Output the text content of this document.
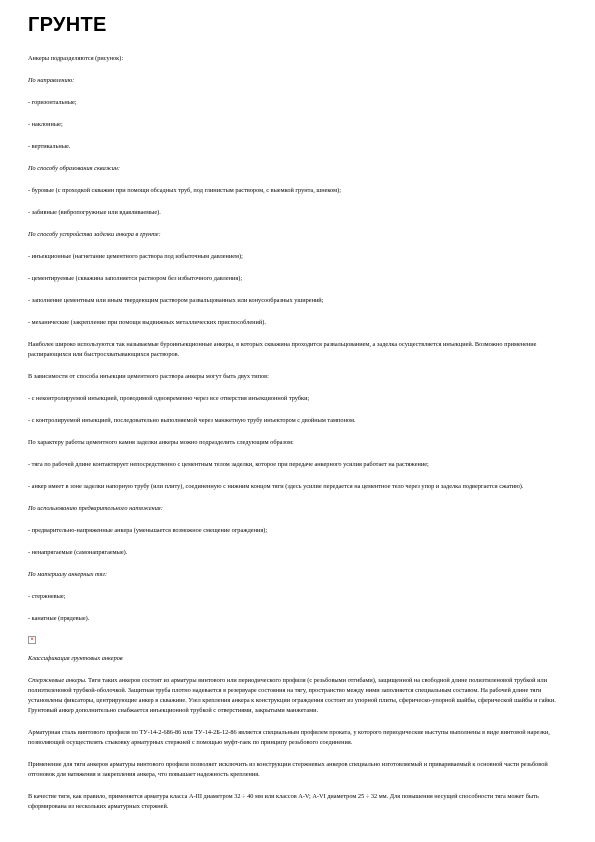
ГРУНТЕ

Анкеры подразделяются (рисунок):

По направлению:

- горизонтальные;

- наклонные;

- вертикальные.

По способу образования скважин:

- буровые (с проходкой скважин при помощи обсадных труб, под глинистым раствором, с выемкой грунта, шнеком);

- забивные (вибропогружные или вдавливаемые).

По способу устройства заделки анкера в грунте:

- инъекционные (нагнетание цементного раствора под избыточным давлением);

- цементируемые (скважина заполняется раствором без избыточного давления);

- заполнение цементным или иным твердеющим раствором развальцованных или конусообразных уширений;

- механические (закрепление при помощи выдвижных металлических приспособлений).

Наиболее широко используются так называемые буроинъекционные анкеры, в которых скважина проходится развальцованием, а заделка осуществляется инъекцией. Возможно применение распирающихся или быстросхватывающихся растворов.

В зависимости от способа инъекции цементного раствора анкеры могут быть двух типов:

- с неконтролируемой инъекцией, проводимой одновременно через все отверстия инъекционной трубки;

- с контролируемой инъекцией, последовательно выполняемой через манжетную трубу инъектором с двойным тампоном.

По характеру работы цементного камня заделки анкеры можно подразделить следующим образом:

- тяга по рабочей длине контактирует непосредственно с цементным телом заделки, которое при передаче анкерного усилия работает на растяжение;

- анкер имеет в зоне заделки напорную трубу (или плиту), соединенную с нижним концом тяги (здесь усилие передается на цементное тело через упор и заделка подвергается сжатию).

По использованию предварительного натяжения:

- предварительно-напряженные анкера (уменьшается возможное смещение ограждения);

- ненапрягаемые (самонапрягаемые).

По материалу анкерных тяг:

- стержневые;

- канатные (прядевые).

×

Классификация грунтовых анкеров

Стержневые анкеры. Тяги таких анкеров состоят из арматуры винтового или периодического профиля (с резьбовыми отгибами), защищенной на свободной длине полиэтиленовой трубкой или полиэтиленовой трубкой-оболочкой. Защитная труба плотно надевается в резервуаре состояния на тягу, пространство между ними заполняется специальным составом. На рабочей длине тяги установлены фиксаторы, центрирующие анкер в скважине. Узел крепления анкера к конструкции ограждения состоит из упорной плиты, сферическо-упорной шайбы, сферической шайбы и гайки. Грунтовый анкер дополнительно снабжается инъекционной трубкой с отверстиями, закрытыми манжетами.

Арматурная сталь винтового профиля по ТУ-14-2-686-86 или ТУ-14-2Б-12-86 является специальным профилем проката, у которого периодические выступы выполнены в виде винтовой нарезки, позволяющей осуществлять стыковку арматурных стержней с помощью муфт-гаек по принципу резьбового соединения.

Применение для тяги анкеров арматуры винтового профиля позволяет исключить из конструкции стержневых анкеров специально изготовляемый и привариваемый к основной части резьбовой отгоновок для натяжения и закрепления анкера, что повышает надежность крепления.

В качестве тяги, как правило, применяется арматура класса А-III диаметром 32 ÷ 40 мм или классов А-V; А-VI диаметром 25 ÷ 32 мм. Для повышения несущей способности тяга может быть сформирована из нескольких арматурных стержней.
